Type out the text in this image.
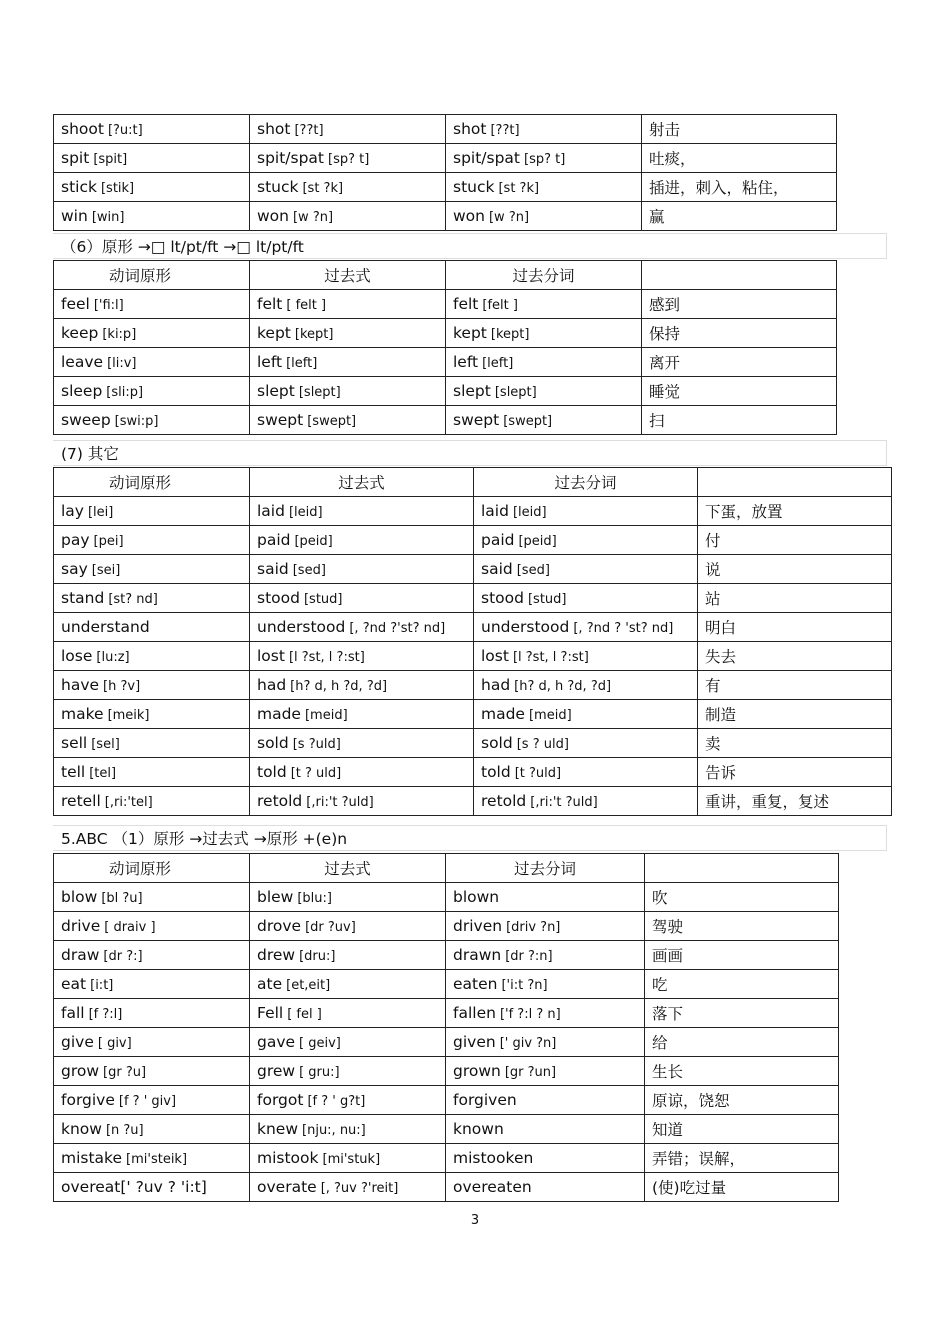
shoot [?u:t]	shot [??t]	shot [??t]	射击
spit [spit]	spit/spat [sp? t]	spit/spat [sp? t]	吐痰，
stick [stik]	stuck [st ?k]	stuck [st ?k]	插进，刺入，粘住，
win [win]	won [w ?n]	won [w ?n]	赢
（6）原形 →□ lt/pt/ft →□ lt/pt/ft
动词原形	过去式	过去分词	
feel ['fi:l]	felt [ felt ]	felt [felt ]	感到
keep [ki:p]	kept [kept]	kept [kept]	保持
leave [li:v]	left [left]	left [left]	离开
sleep [sli:p]	slept [slept]	slept [slept]	睡觉
sweep [swi:p]	swept [swept]	swept [swept]	扫
(7) 其它
动词原形	过去式	过去分词	
lay [lei]	laid [leid]	laid [leid]	下蛋，放置
pay [pei]	paid [peid]	paid [peid]	付
say [sei]	said [sed]	said [sed]	说
stand [st? nd]	stood [stud]	stood [stud]	站
understand	understood [, ?nd ?'st? nd]	understood [, ?nd ? 'st? nd]	明白
lose [lu:z]	lost [l ?st, l ?:st]	lost [l ?st, l ?:st]	失去
have [h ?v]	had [h? d, h ?d, ?d]	had [h? d, h ?d, ?d]	有
make [meik]	made [meid]	made [meid]	制造
sell [sel]	sold [s ?uld]	sold [s ? uld]	卖
tell [tel]	told [t ? uld]	told [t ?uld]	告诉
retell [,ri:'tel]	retold [,ri:'t ?uld]	retold [,ri:'t ?uld]	重讲，重复，复述
5.ABC （1）原形 →过去式 →原形 +(e)n
动词原形	过去式	过去分词	
blow [bl ?u]	blew [blu:]	blown	吹
drive [ draiv ]	drove [dr ?uv]	driven [driv ?n]	驾驶
draw [dr ?:]	drew [dru:]	drawn [dr ?:n]	画画
eat [i:t]	ate [et,eit]	eaten ['i:t ?n]	吃
fall [f ?:l]	Fell [ fel ]	fallen ['f ?:l ? n]	落下
give [ giv]	gave [ geiv]	given [' giv ?n]	给
grow [gr ?u]	grew [ gru:]	grown [gr ?un]	生长
forgive [f ? ' giv]	forgot [f ? ' g?t]	forgiven	原谅，饶恕
know [n ?u]	knew [nju:, nu:]	known	知道
mistake [mi'steik]	mistook [mi'stuk]	mistooken	弄错；误解，
overeat[' ?uv ? 'i:t]	overate [, ?uv ?'reit]	overeaten	(使)吃过量
3
